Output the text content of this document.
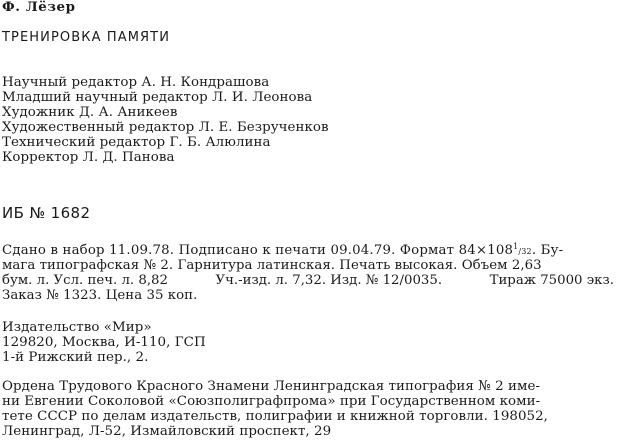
Ф. Лёзер
ТРЕНИРОВКА ПАМЯТИ
Научный редактор А. Н. Кондрашова
Младший научный редактор Л. И. Леонова
Художник Д. А. Аникеев
Художественный редактор Л. Е. Безрученков
Технический редактор Г. Б. Алюлина
Корректор Л. Д. Панова
ИБ № 1682
Сдано в набор 11.09.78. Подписано к печати 09.04.79. Формат $84\times 108^1/32$. Бу-
мага типографская № 2. Гарнитура латинская. Печать высокая. Объем 2,63
бум. л. Усл. печ. л. 8,82	Уч.-изд. л. 7,32. Изд. № 12/0035.	Тираж 75000 экз.
Заказ № 1323. Цена 35 коп.
Издательство «Мир»
129820, Москва, И-110, ГСП
1-й Рижский пер., 2.
Ордена Трудового Красного Знамени Ленинградская типография № 2 име-
ни Евгении Соколовой «Союзполиграфпрома» при Государственном коми-
тете СССР по делам издательств, полиграфии и книжной торговли. 198052,
Ленинград, Л-52, Измайловский проспект, 29
